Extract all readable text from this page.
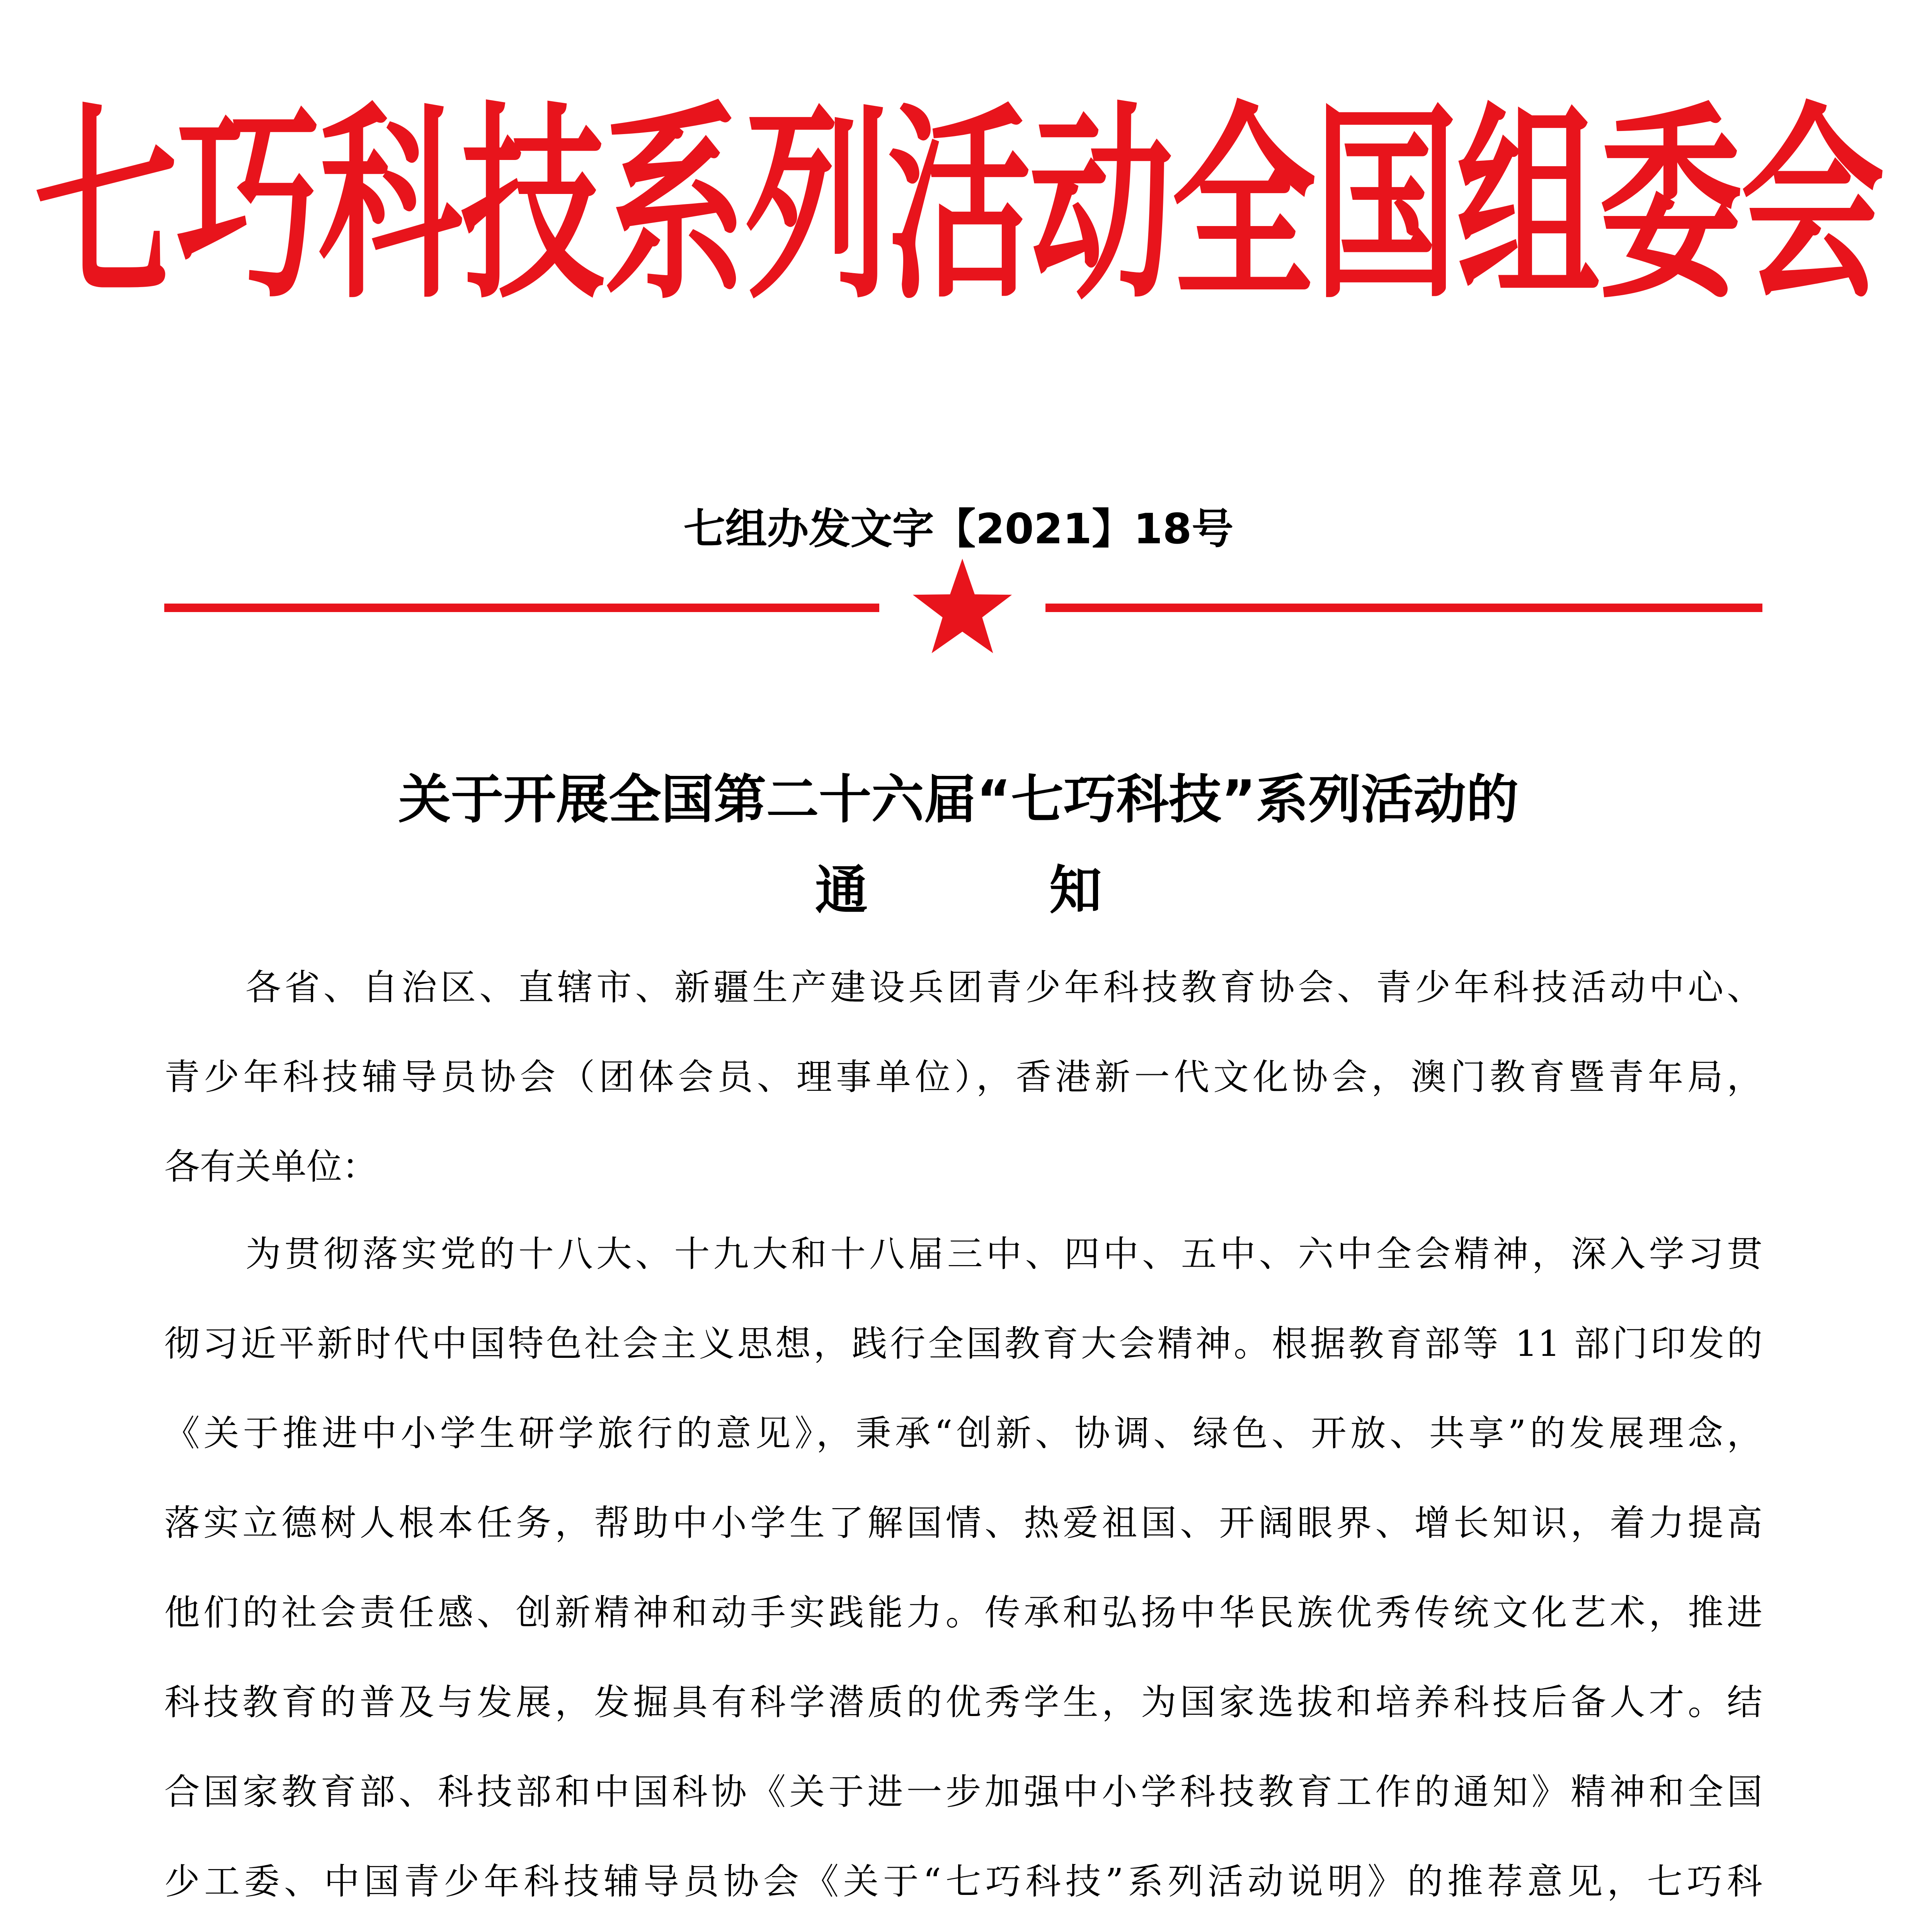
七巧科技系列活动全国组委会
七组办发文字【2021】18号
关于开展全国第二十六届“七巧科技”系列活动的
通	知
各省、自治区、直辖市、新疆生产建设兵团青少年科技教育协会、青少年科技活动中心、
青少年科技辅导员协会（团体会员、理事单位），香港新一代文化协会，澳门教育暨青年局，
各有关单位：
为贯彻落实党的十八大、十九大和十八届三中、四中、五中、六中全会精神，深入学习贯
彻习近平新时代中国特色社会主义思想，践行全国教育大会精神。根据教育部等 11 部门印发的
《关于推进中小学生研学旅行的意见》，秉承“创新、协调、绿色、开放、共享”的发展理念，
落实立德树人根本任务，帮助中小学生了解国情、热爱祖国、开阔眼界、增长知识，着力提高
他们的社会责任感、创新精神和动手实践能力。传承和弘扬中华民族优秀传统文化艺术，推进
科技教育的普及与发展，发掘具有科学潜质的优秀学生，为国家选拔和培养科技后备人才。结
合国家教育部、科技部和中国科协《关于进一步加强中小学科技教育工作的通知》精神和全国
少工委、中国青少年科技辅导员协会《关于“七巧科技”系列活动说明》的推荐意见，七巧科
